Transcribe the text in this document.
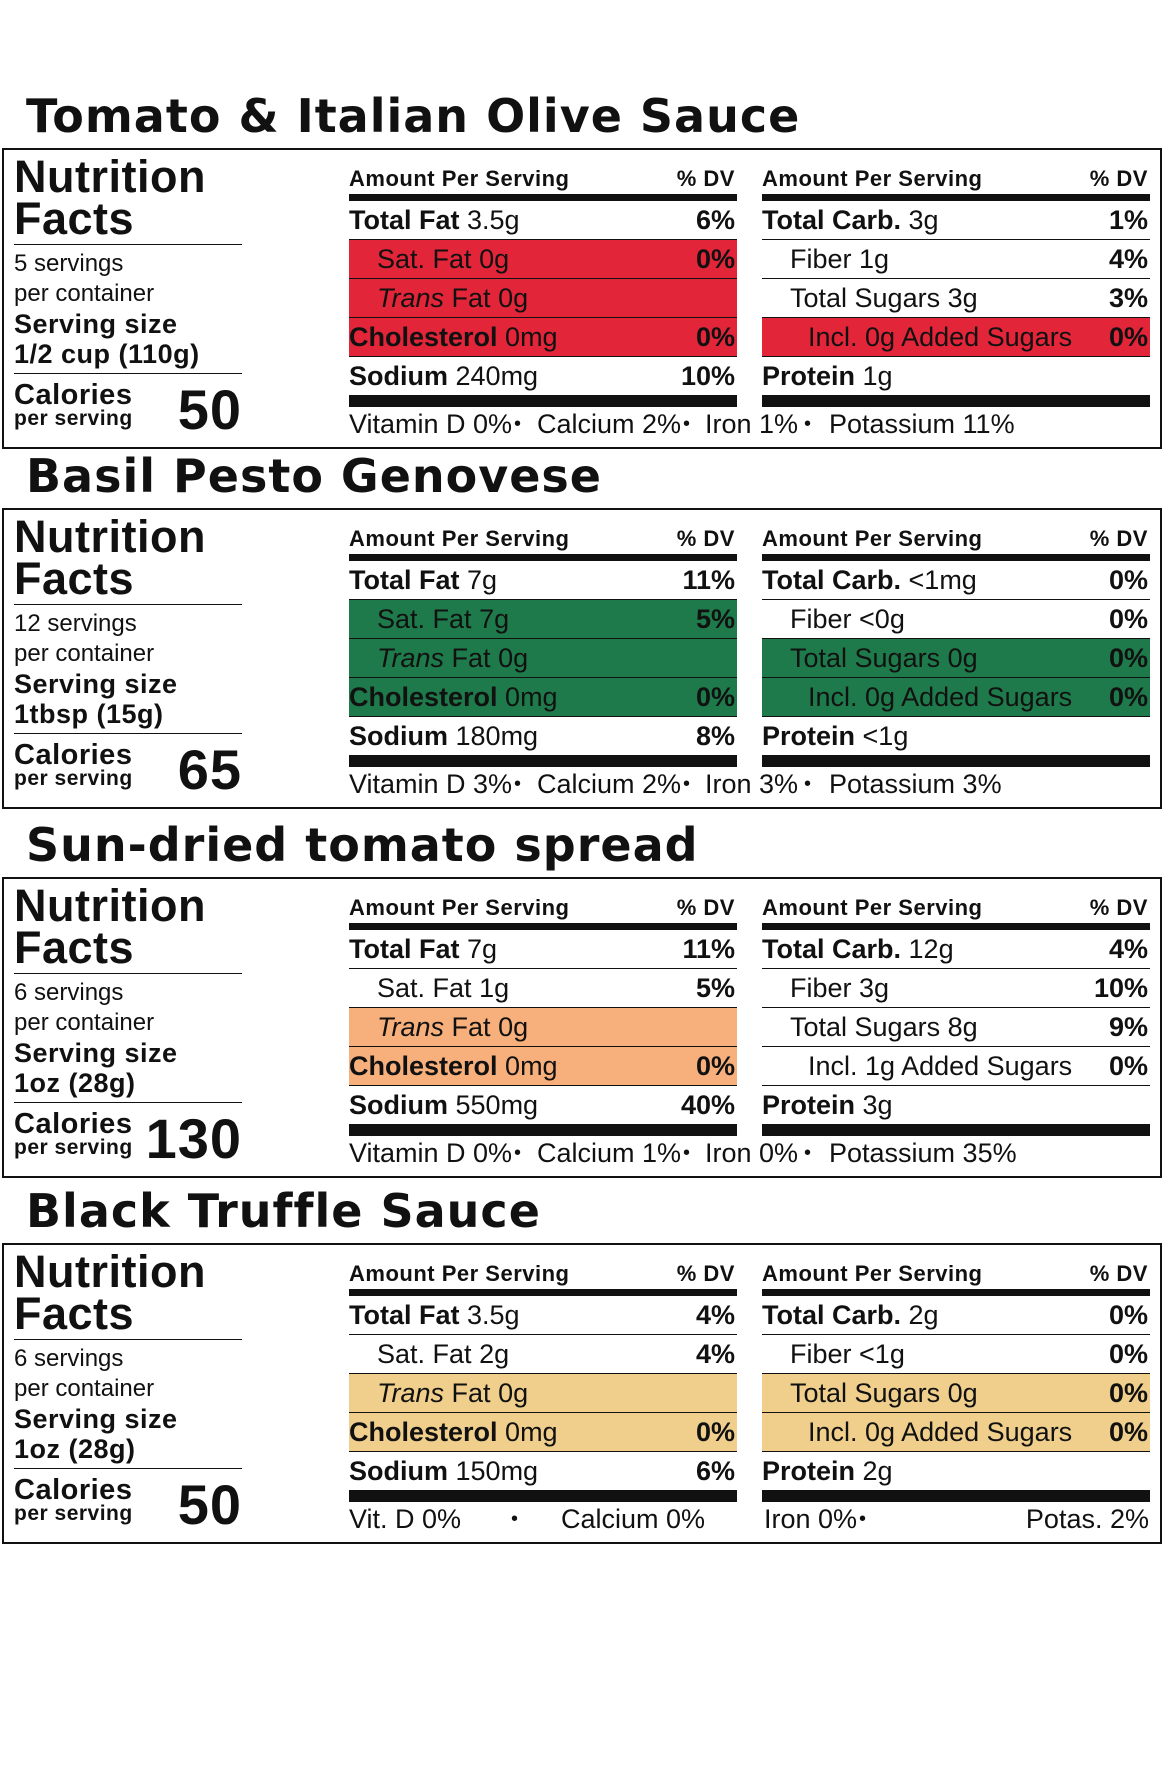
Tomato & Italian Olive Sauce
Nutrition
Facts
5 servings
per container
Serving size
1/2 cup (110g)
Calories
per serving 50
Amount Per Serving	% DV
Total Fat 3.5g	6%
Sat. Fat 0g	0%
Trans Fat 0g
Cholesterol 0mg	0%
Sodium 240mg	10%
Amount Per Serving	% DV
Total Carb. 3g	1%
Fiber 1g	4%
Total Sugars 3g	3%
Incl. 0g Added Sugars 0%
Protein 1g
Vitamin D 0% Calcium 2% Iron 1% Potassium 11%
•	•	•
Basil Pesto Genovese
Nutrition
Facts
12 servings
per container
Serving size
1tbsp (15g)
Calories
per serving 65
Amount Per Serving	% DV
Total Fat 7g	11%
Sat. Fat 7g	5%
Trans Fat 0g
Cholesterol 0mg	0%
Sodium 180mg	8%
Amount Per Serving	% DV
Total Carb. <1mg	0%
Fiber <0g	0%
Total Sugars 0g	0%
Incl. 0g Added Sugars 0%
Protein <1g
Vitamin D 3% Calcium 2% Iron 3% Potassium 3%
•	•	•
Sun-dried tomato spread
Nutrition
Facts
6 servings
per container
Serving size
1oz (28g)
Calories
per serving 130
Amount Per Serving	% DV
Total Fat 7g	11%
Sat. Fat 1g	5%
Trans Fat 0g
Cholesterol 0mg	0%
Sodium 550mg	40%
Amount Per Serving	% DV
Total Carb. 12g	4%
Fiber 3g	10%
Total Sugars 8g	9%
Incl. 1g Added Sugars 0%
Protein 3g
Vitamin D 0% Calcium 1% Iron 0% Potassium 35%
•	•	•
Black Truffle Sauce
Nutrition
Facts
6 servings
per container
Serving size
1oz (28g)
Calories
per serving 50
Amount Per Serving	% DV
Total Fat 3.5g	4%
Sat. Fat 2g	4%
Trans Fat 0g
Cholesterol 0mg	0%
Sodium 150mg	6%
Amount Per Serving	% DV
Total Carb. 2g	0%
Fiber <1g	0%
Total Sugars 0g	0%
Incl. 0g Added Sugars 0%
Protein 2g
Vit. D 0%	Calcium 0% Iron 0%	Potas. 2%
•	•
